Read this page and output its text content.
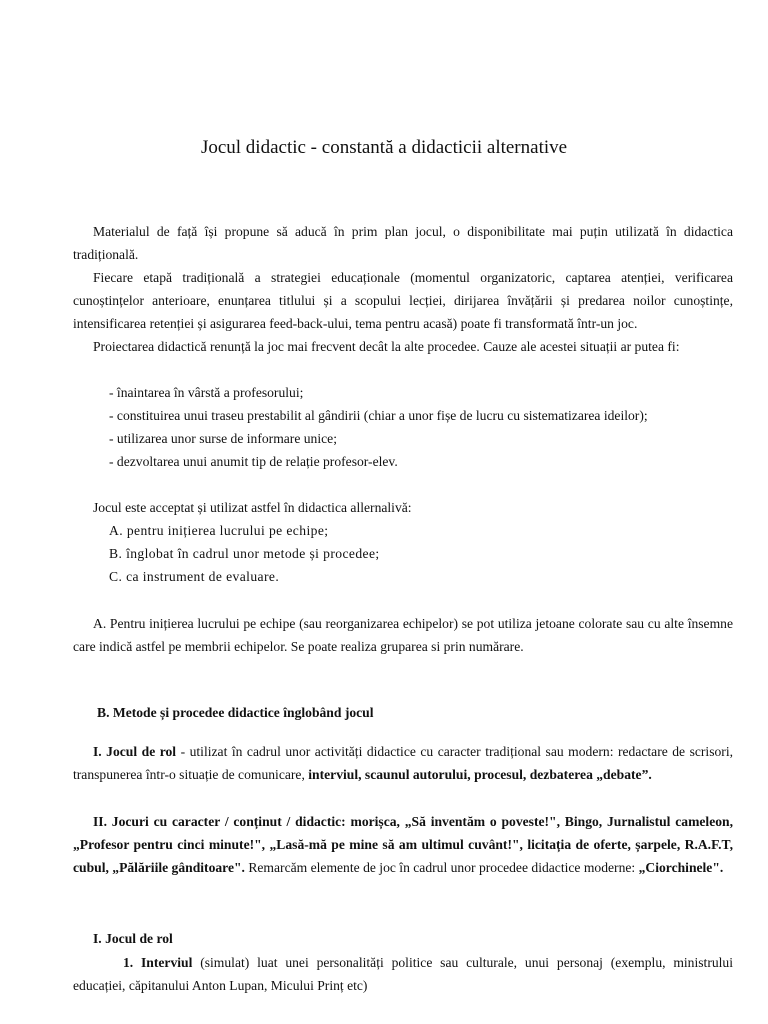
Jocul didactic - constantă a didacticii alternative
Materialul de față își propune să aducă în prim plan jocul, o disponibilitate mai puțin utilizată în didactica tradițională.
Fiecare etapă tradițională a strategiei educaționale (momentul organizatoric, captarea atenției, verificarea cunoștințelor anterioare, enunțarea titlului și a scopului lecției, dirijarea învățării și predarea noilor cunoștințe, intensificarea retenției și asigurarea feed-back-ului, tema pentru acasă) poate fi transformată într-un joc.
Proiectarea didactică renunță la joc mai frecvent decât la alte procedee. Cauze ale acestei situații ar putea fi:
- înaintarea în vârstă a profesorului;
- constituirea unui traseu prestabilit al gândirii (chiar a unor fișe de lucru cu sistematizarea ideilor);
- utilizarea unor surse de informare unice;
- dezvoltarea unui anumit tip de relație profesor-elev.
Jocul este acceptat și utilizat astfel în didactica allernalivă:
A. pentru inițierea lucrului pe echipe;
B. înglobat în cadrul unor metode și procedee;
C. ca instrument de evaluare.
A. Pentru inițierea lucrului pe echipe (sau reorganizarea echipelor) se pot utiliza jetoane colorate sau cu alte însemne care indică astfel pe membrii echipelor. Se poate realiza gruparea si prin numărare.
B. Metode și procedee didactice înglobând jocul
I. Jocul de rol - utilizat în cadrul unor activități didactice cu caracter tradițional sau modern: redactare de scrisori, transpunerea într-o situație de comunicare, interviul, scaunul autorului, procesul, dezbaterea „debate”.
II. Jocuri cu caracter / conținut / didactic: morișca, „Să inventăm o poveste!", Bingo, Jurnalistul cameleon, „Profesor pentru cinci minute!", „Lasă-mă pe mine să am ultimul cuvânt!", licitația de oferte, șarpele, R.A.F.T, cubul, „Pălăriile gânditoare". Remarcăm elemente de joc în cadrul unor procedee didactice moderne: „Ciorchinele".
I. Jocul de rol
1. Interviul (simulat) luat unei personalități politice sau culturale, unui personaj (exemplu, ministrului educației, căpitanului Anton Lupan, Micului Prinț etc)
